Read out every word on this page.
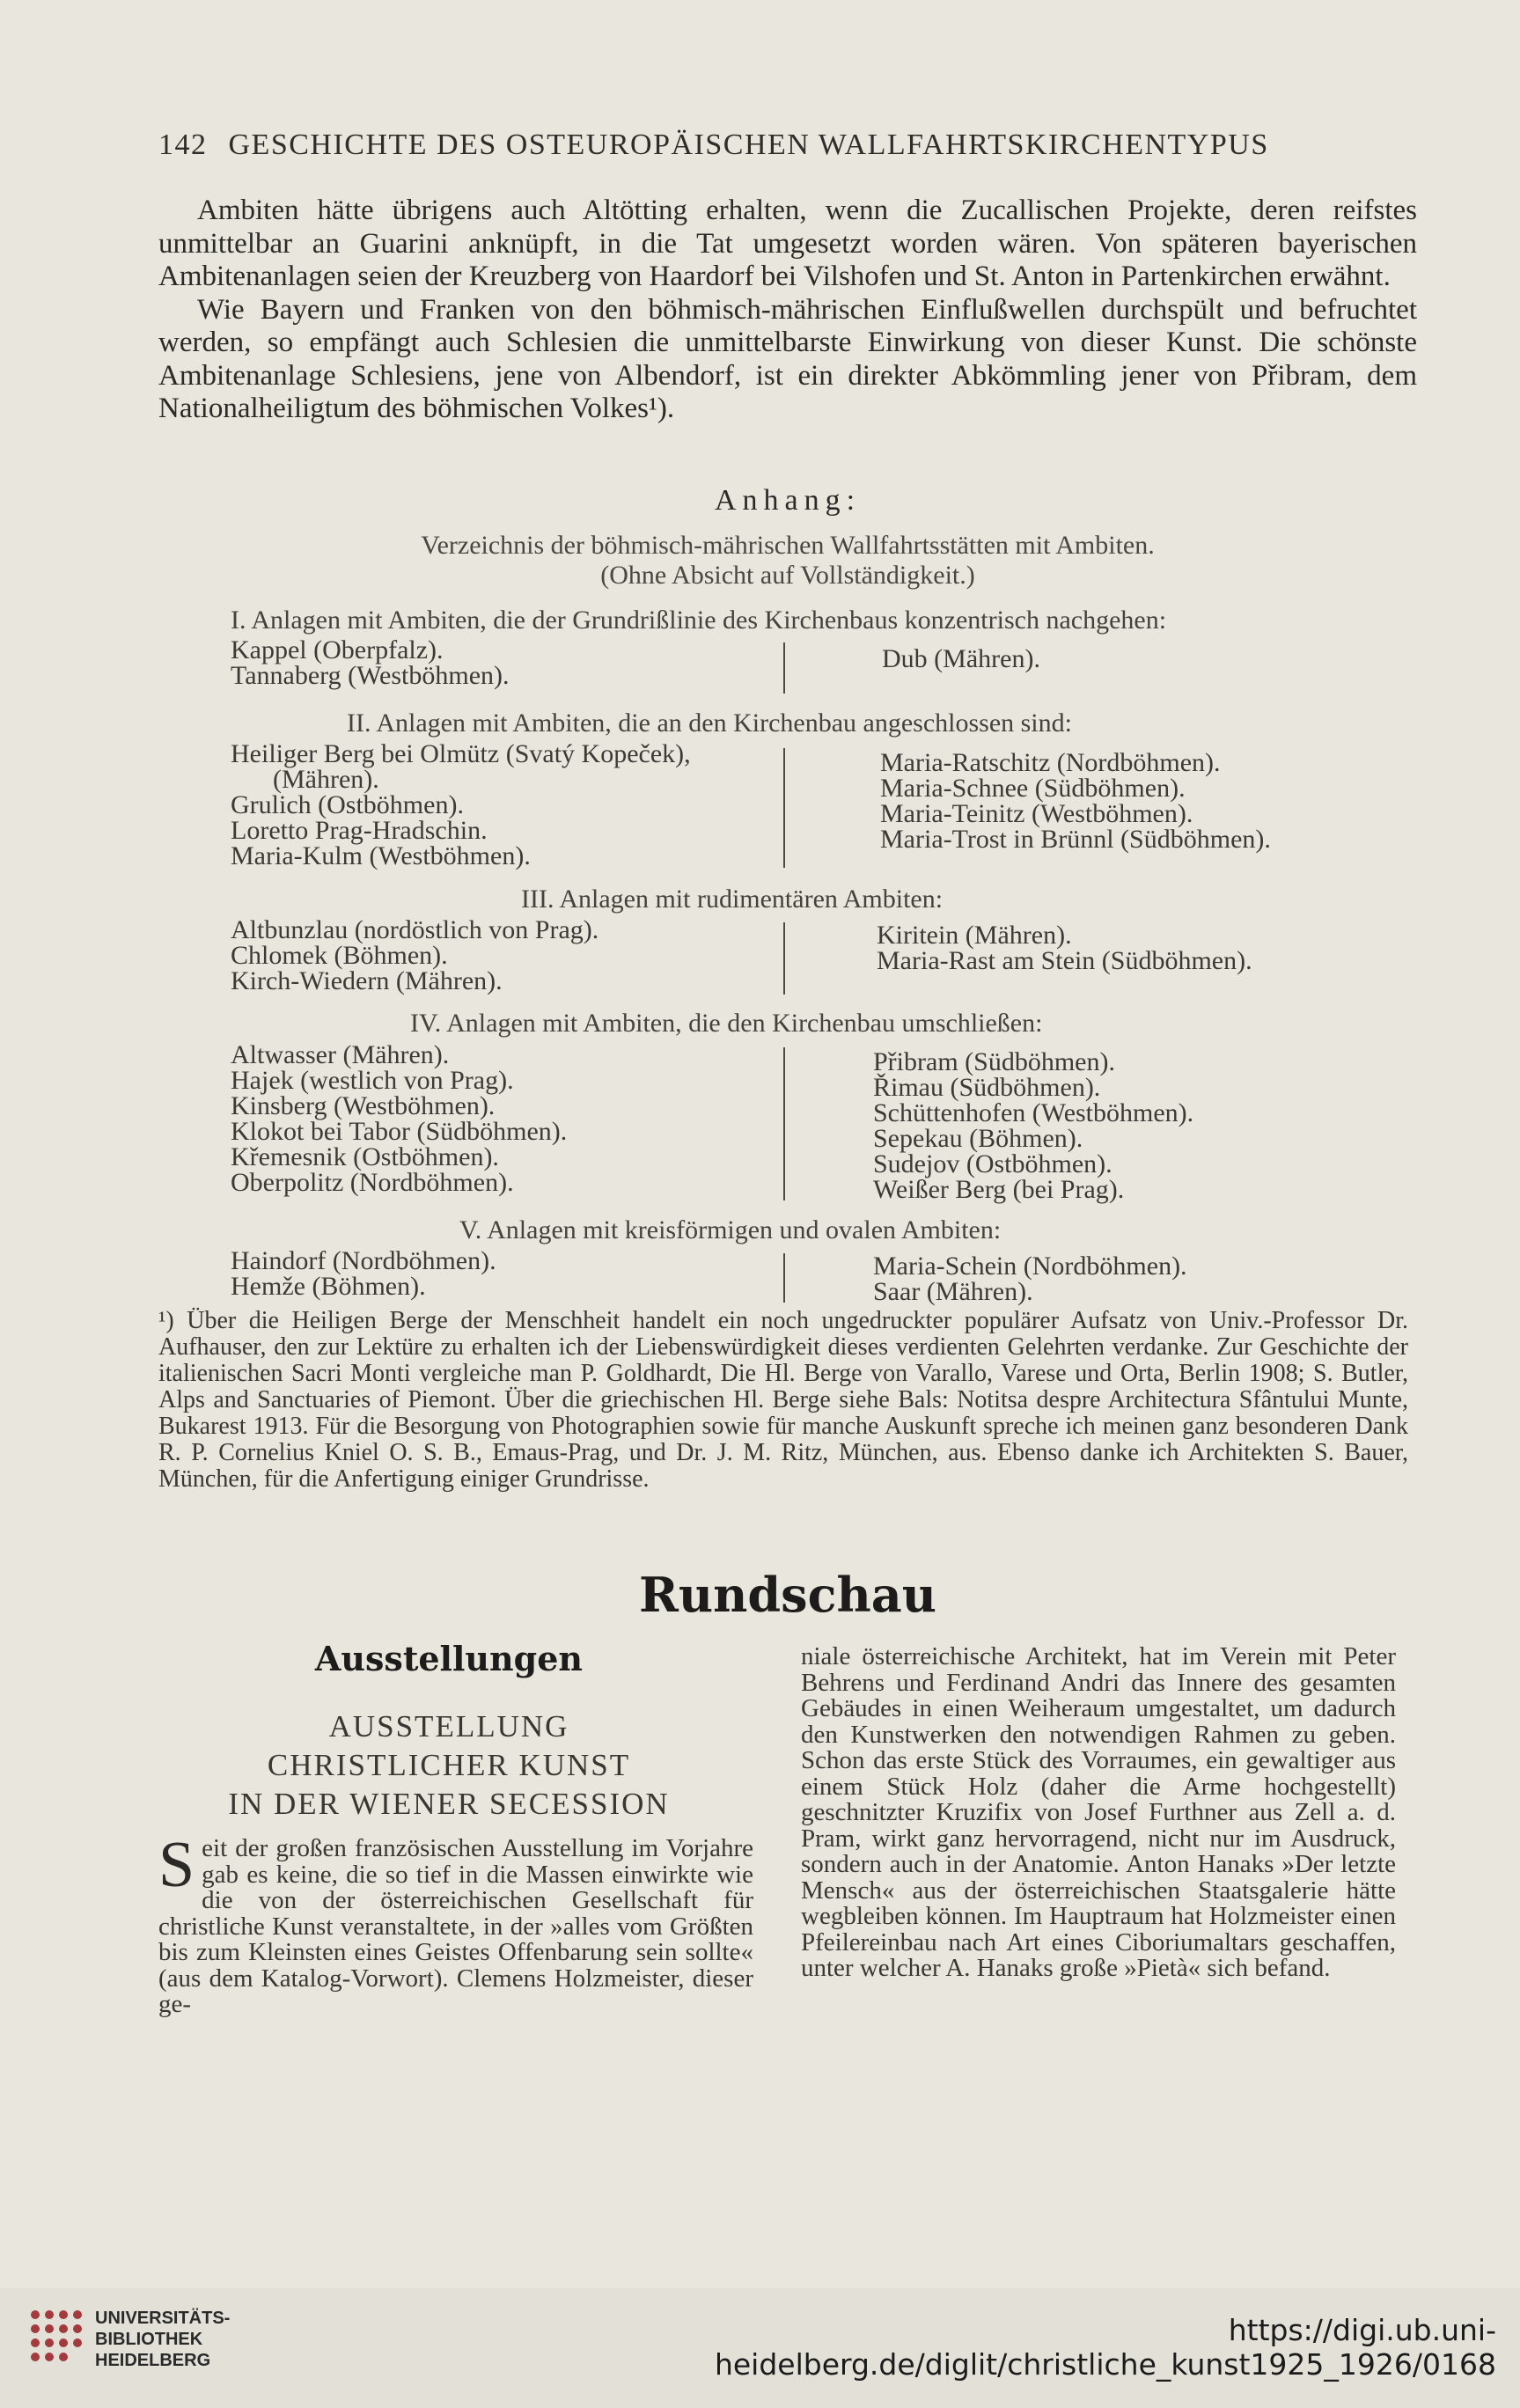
142 GESCHICHTE DES OSTEUROPÄISCHEN WALLFAHRTSKIRCHENTYPUS

Ambiten hätte übrigens auch Altötting erhalten, wenn die Zucallischen Projekte, deren reifstes unmittelbar an Guarini anknüpft, in die Tat umgesetzt worden wären. Von späteren bayerischen Ambitenanlagen seien der Kreuzberg von Haardorf bei Vilshofen und St. Anton in Partenkirchen erwähnt.

Wie Bayern und Franken von den böhmisch-mährischen Einflußwellen durchspült und befruchtet werden, so empfängt auch Schlesien die unmittelbarste Einwirkung von dieser Kunst. Die schönste Ambitenanlage Schlesiens, jene von Albendorf, ist ein direkter Abkömmling jener von Přibram, dem Nationalheiligtum des böhmischen Volkes¹).

Anhang:
Verzeichnis der böhmisch-mährischen Wallfahrtsstätten mit Ambiten.
(Ohne Absicht auf Vollständigkeit.)
I. Anlagen mit Ambiten, die der Grundrißlinie des Kirchenbaus konzentrisch nachgehen:
Kappel (Oberpfalz).
Tannaberg (Westböhmen).
Dub (Mähren).
II. Anlagen mit Ambiten, die an den Kirchenbau angeschlossen sind:
Heiliger Berg bei Olmütz (Svatý Kopeček),
(Mähren).
Grulich (Ostböhmen).
Loretto Prag-Hradschin.
Maria-Kulm (Westböhmen).
Maria-Ratschitz (Nordböhmen).
Maria-Schnee (Südböhmen).
Maria-Teinitz (Westböhmen).
Maria-Trost in Brünnl (Südböhmen).
III. Anlagen mit rudimentären Ambiten:
Altbunzlau (nordöstlich von Prag).
Chlomek (Böhmen).
Kirch-Wiedern (Mähren).
Kiritein (Mähren).
Maria-Rast am Stein (Südböhmen).
IV. Anlagen mit Ambiten, die den Kirchenbau umschließen:
Altwasser (Mähren).
Hajek (westlich von Prag).
Kinsberg (Westböhmen).
Klokot bei Tabor (Südböhmen).
Křemesnik (Ostböhmen).
Oberpolitz (Nordböhmen).
Přibram (Südböhmen).
Řimau (Südböhmen).
Schüttenhofen (Westböhmen).
Sepekau (Böhmen).
Sudejov (Ostböhmen).
Weißer Berg (bei Prag).
V. Anlagen mit kreisförmigen und ovalen Ambiten:
Haindorf (Nordböhmen).
Hemže (Böhmen).
Maria-Schein (Nordböhmen).
Saar (Mähren).

¹) Über die Heiligen Berge der Menschheit handelt ein noch ungedruckter populärer Aufsatz von Univ.-Professor Dr. Aufhauser, den zur Lektüre zu erhalten ich der Liebenswürdigkeit dieses verdienten Gelehrten verdanke. Zur Geschichte der italienischen Sacri Monti vergleiche man P. Goldhardt, Die Hl. Berge von Varallo, Varese und Orta, Berlin 1908; S. Butler, Alps and Sanctuaries of Piemont. Über die griechischen Hl. Berge siehe Bals: Notitsa despre Architectura Sfântului Munte, Bukarest 1913. Für die Besorgung von Photographien sowie für manche Auskunft spreche ich meinen ganz besonderen Dank R. P. Cornelius Kniel O. S. B., Emaus-Prag, und Dr. J. M. Ritz, München, aus. Ebenso danke ich Architekten S. Bauer, München, für die Anfertigung einiger Grundrisse.

Rundschau
Ausstellungen
AUSSTELLUNG
CHRISTLICHER KUNST
IN DER WIENER SECESSION
S eit der großen französischen Ausstellung im Vorjahre gab es keine, die so tief in die Massen einwirkte wie die von der österreichischen Gesellschaft für christliche Kunst veranstaltete, in der »alles vom Größten bis zum Kleinsten eines Geistes Offenbarung sein sollte« (aus dem Katalog-Vorwort). Clemens Holzmeister, dieser ge-

niale österreichische Architekt, hat im Verein mit Peter Behrens und Ferdinand Andri das Innere des gesamten Gebäudes in einen Weiheraum umgestaltet, um dadurch den Kunstwerken den notwendigen Rahmen zu geben. Schon das erste Stück des Vorraumes, ein gewaltiger aus einem Stück Holz (daher die Arme hochgestellt) geschnitzter Kruzifix von Josef Furthner aus Zell a. d. Pram, wirkt ganz hervorragend, nicht nur im Ausdruck, sondern auch in der Anatomie. Anton Hanaks »Der letzte Mensch« aus der österreichischen Staatsgalerie hätte wegbleiben können. Im Hauptraum hat Holzmeister einen Pfeilereinbau nach Art eines Ciboriumaltars geschaffen, unter welcher A. Hanaks große »Pietà« sich befand.

UNIVERSITÄTS-
BIBLIOTHEK
HEIDELBERG
https://digi.ub.uni-heidelberg.de/diglit/christliche_kunst1925_1926/0168
